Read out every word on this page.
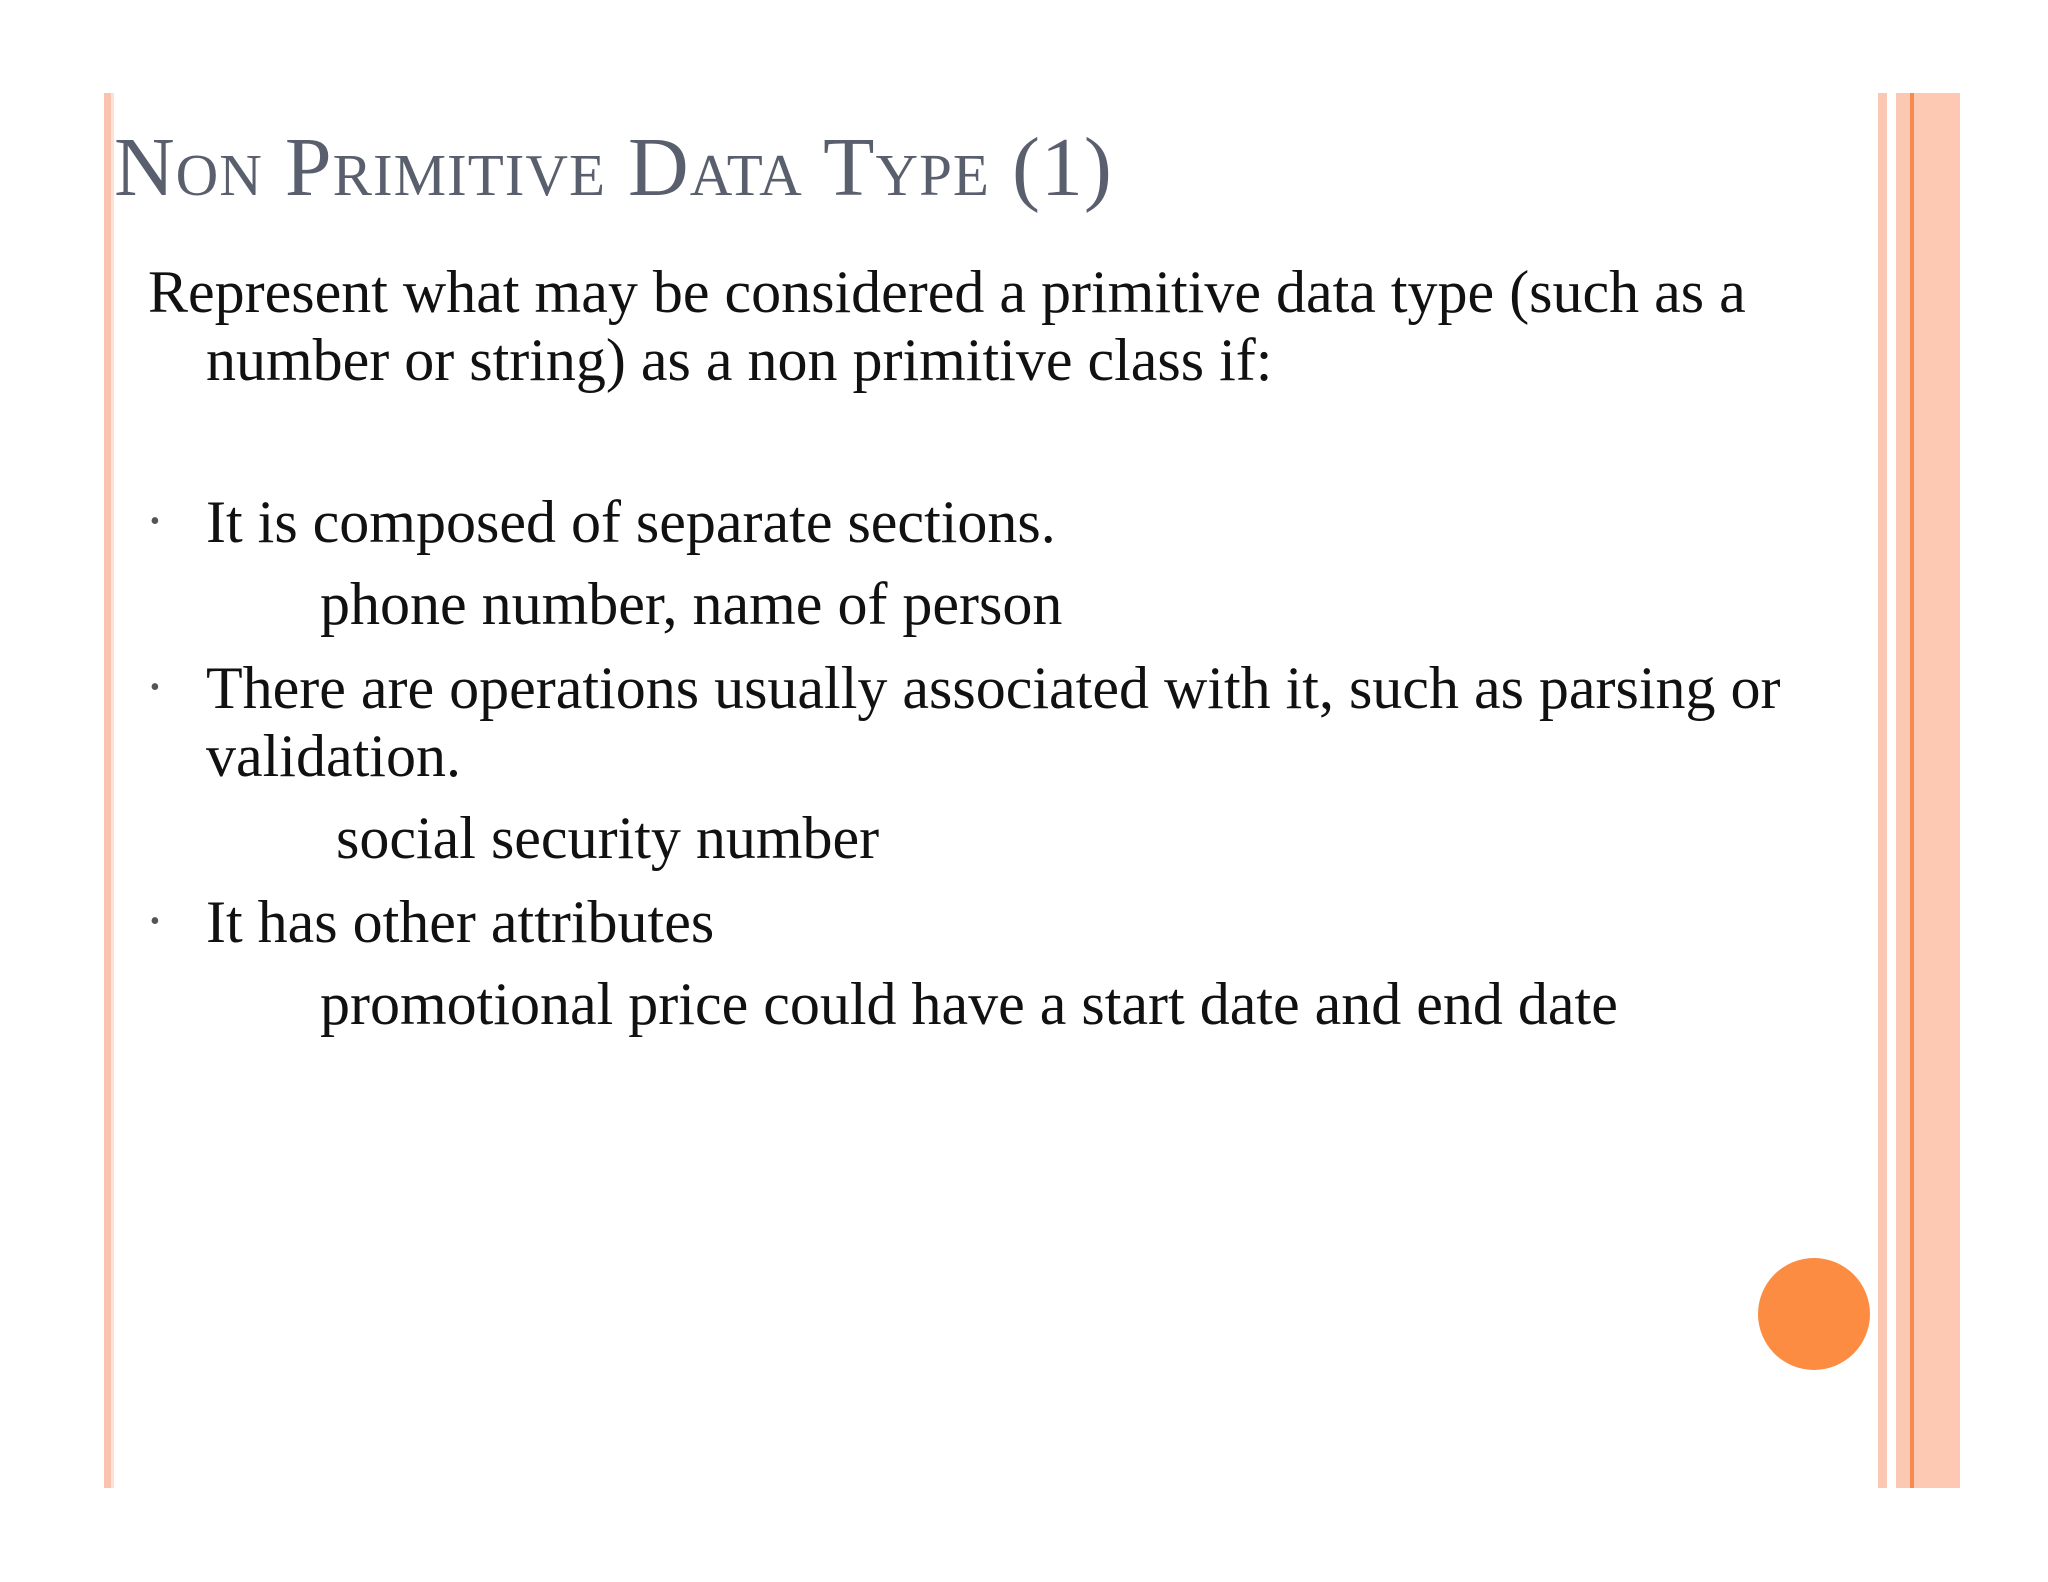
Non Primitive Data Type (1)
Represent what may be considered a primitive data type (such as a number or string) as a non primitive class if:
• It is composed of separate sections.
phone number, name of person
• There are operations usually associated with it, such as parsing or validation.
social security number
• It has other attributes
promotional price could have a start date and end date
